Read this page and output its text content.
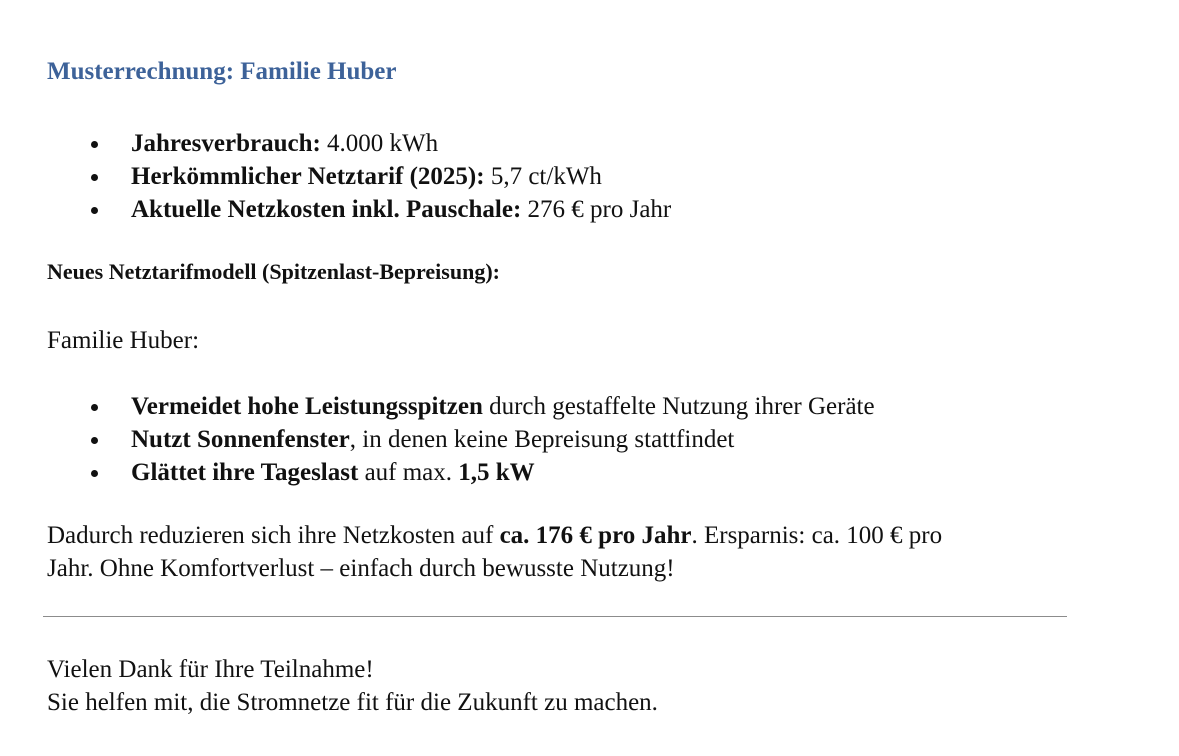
Musterrechnung: Familie Huber
Jahresverbrauch: 4.000 kWh
Herkömmlicher Netztarif (2025): 5,7 ct/kWh
Aktuelle Netzkosten inkl. Pauschale: 276 € pro Jahr
Neues Netztarifmodell (Spitzenlast-Bepreisung):

Familie Huber:

Vermeidet hohe Leistungsspitzen durch gestaffelte Nutzung ihrer Geräte
Nutzt Sonnenfenster, in denen keine Bepreisung stattfindet
Glättet ihre Tageslast auf max. 1,5 kW

Dadurch reduzieren sich ihre Netzkosten auf ca. 176 € pro Jahr. Ersparnis: ca. 100 € pro
Jahr. Ohne Komfortverlust – einfach durch bewusste Nutzung!

Vielen Dank für Ihre Teilnahme!
Sie helfen mit, die Stromnetze fit für die Zukunft zu machen.
